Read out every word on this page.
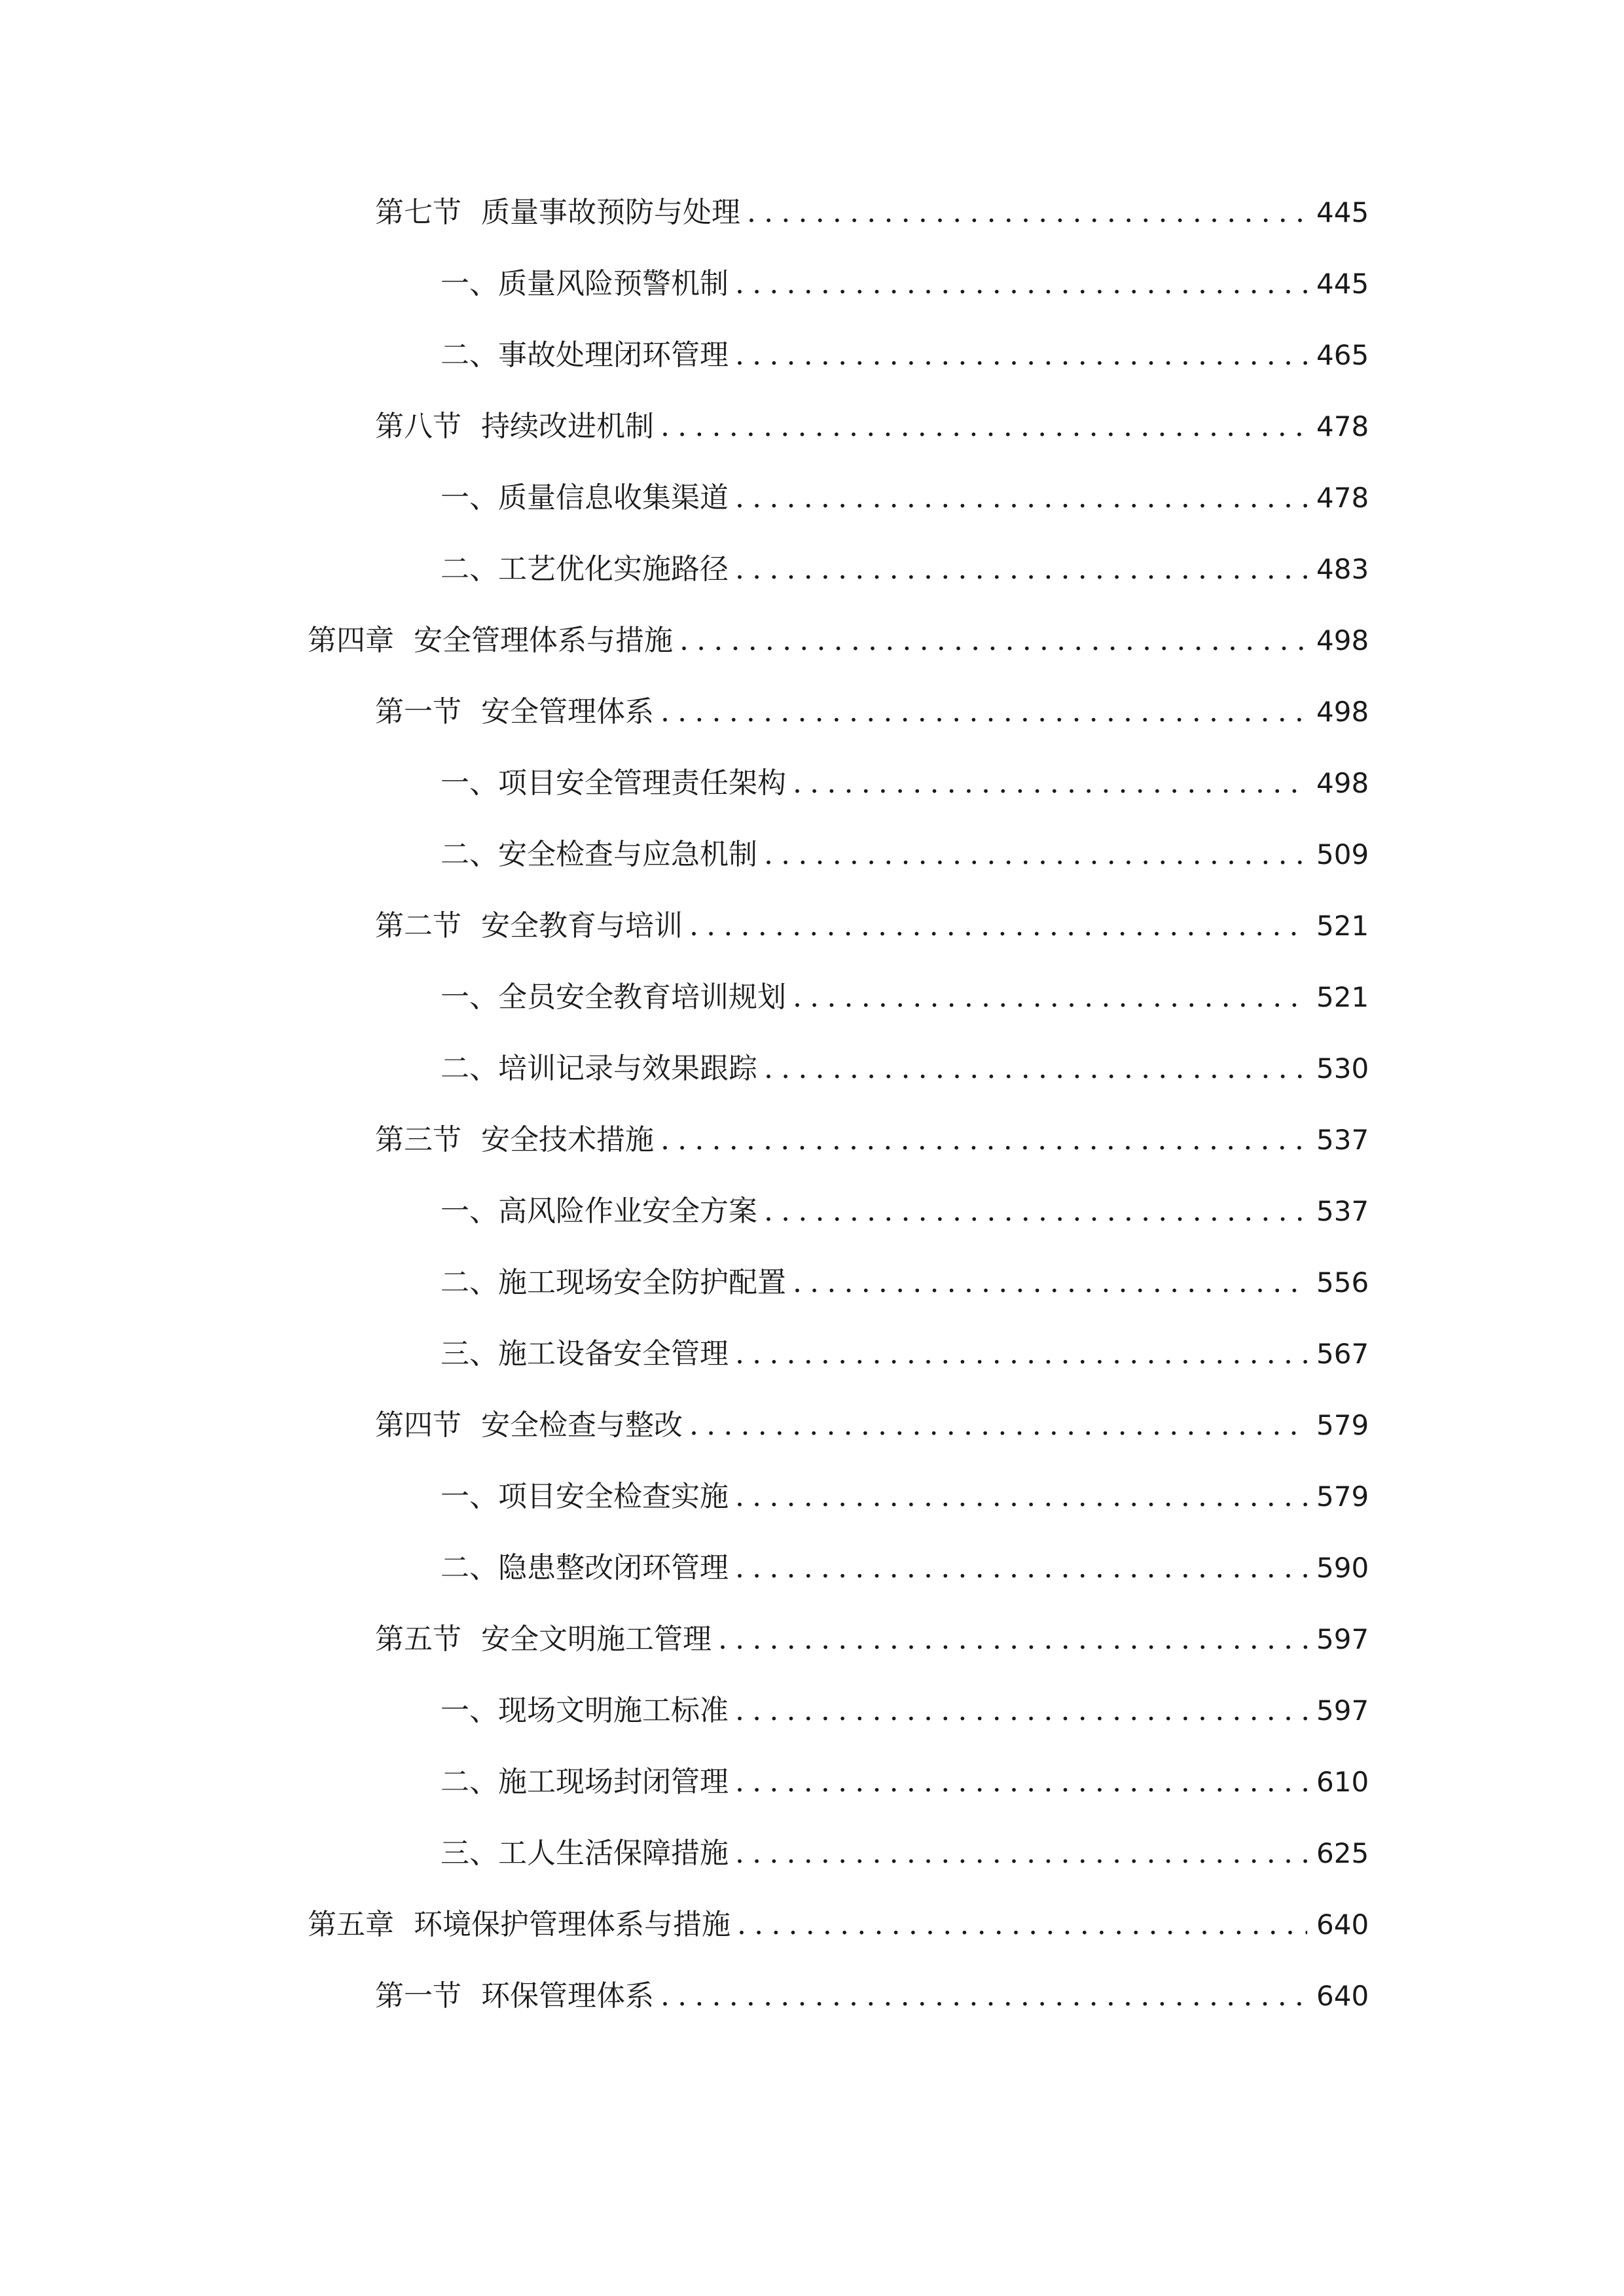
第七节 质量事故预防与处理 .....	445
一、 质量风险预警机制 .....	445
二、 事故处理闭环管理 .....	465
第八节 持续改进机制 .....	478
一、 质量信息收集渠道 .....	478
二、 工艺优化实施路径 .....	483
第四章 安全管理体系与措施 .....	498
第一节 安全管理体系 .....	498
一、 项目安全管理责任架构 .....	498
二、 安全检查与应急机制 .....	509
第二节 安全教育与培训 .....	521
一、 全员安全教育培训规划 .....	521
二、 培训记录与效果跟踪 .....	530
第三节 安全技术措施 .....	537
一、 高风险作业安全方案 .....	537
二、 施工现场安全防护配置 .....	556
三、 施工设备安全管理 .....	567
第四节 安全检查与整改 .....	579
一、 项目安全检查实施 .....	579
二、 隐患整改闭环管理 .....	590
第五节 安全文明施工管理 .....	597
一、 现场文明施工标准 .....	597
二、 施工现场封闭管理 .....	610
三、 工人生活保障措施 .....	625
第五章 环境保护管理体系与措施 .....	640
第一节 环保管理体系 .....	640
